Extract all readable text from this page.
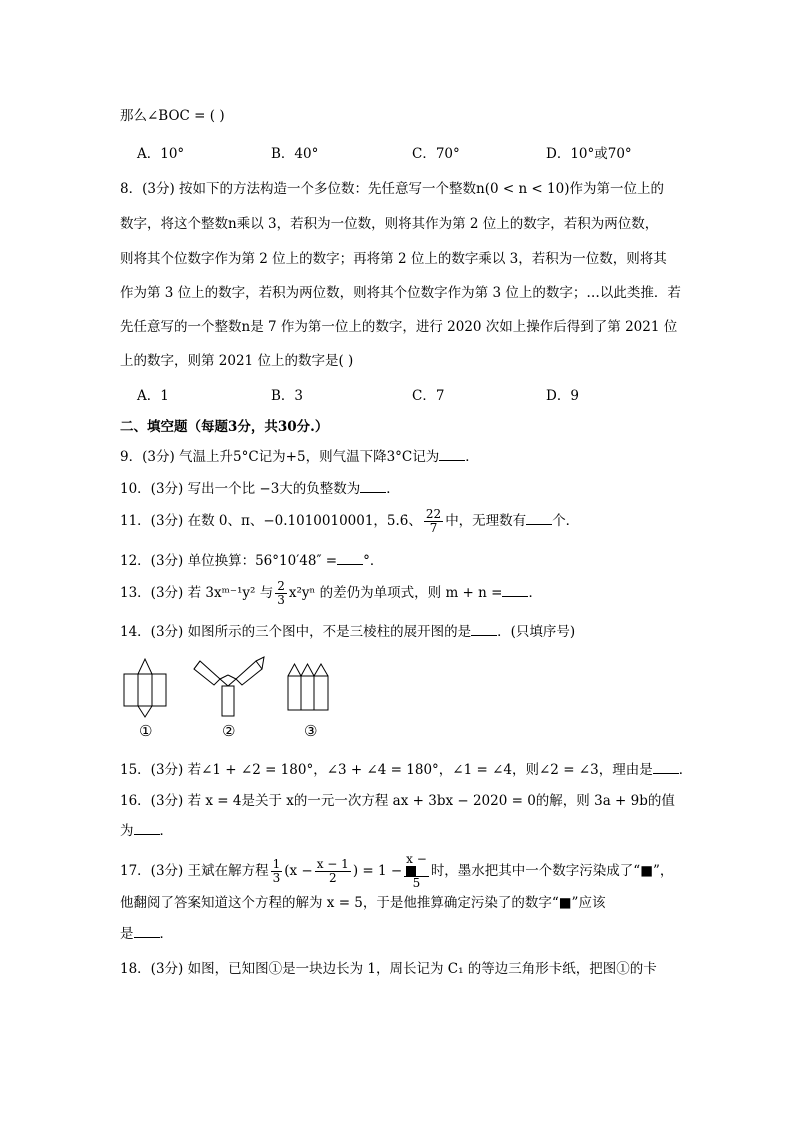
那么∠BOC = ( )
A．10°	B．40°	C．70°	D．10°或70°
8．(3分) 按如下的方法构造一个多位数：先任意写一个整数n(0 < n < 10)作为第一位上的
数字，将这个整数n乘以 3，若积为一位数，则将其作为第 2 位上的数字，若积为两位数，
则将其个位数字作为第 2 位上的数字；再将第 2 位上的数字乘以 3，若积为一位数，则将其
作为第 3 位上的数字，若积为两位数，则将其个位数字作为第 3 位上的数字；…以此类推．若
先任意写的一个整数n是 7 作为第一位上的数字，进行 2020 次如上操作后得到了第 2021 位
上的数字，则第 2021 位上的数字是( )
A．1	B．3	C．7	D．9
二、填空题（每题3分，共30分.）
9．(3分) 气温上升5°C记为+5，则气温下降3°C记为 ．
10．(3分) 写出一个比 −3大的负整数为 ．
11．(3分) 在数 0、π、−0.1010010001，5.6̇、 $\frac{22}{7}$ 中，无理数有 个．
12．(3分) 单位换算：56°10′48″ = °．
13．(3分) 若 3xᵐ⁻¹y² 与 $\frac{2}{3} x^2y^n$ 的差仍为单项式，则 m + n = ．
14．(3分) 如图所示的三个图中，不是三棱柱的展开图的是 ．(只填序号)
①	②	③
15．(3分) 若∠1 + ∠2 = 180°，∠3 + ∠4 = 180°，∠1 = ∠4，则∠2 = ∠3，理由是 ．
16．(3分) 若 x = 4是关于 x的一元一次方程 ax + 3bx − 2020 = 0的解，则 3a + 9b的值
为 ．
17．(3分) 王斌在解方程 $\frac{1}{3} (x - \frac{x - 1}{2}$ ) = $1 - \frac{x -}{5}$ 时，墨水把其中一个数字污染成了“■”，
他翻阅了答案知道这个方程的解为 x = 5，于是他推算确定污染了的数字“■”应该
是 ．
18．(3分) 如图，已知图①是一块边长为 1，周长记为 C₁ 的等边三角形卡纸，把图①的卡
